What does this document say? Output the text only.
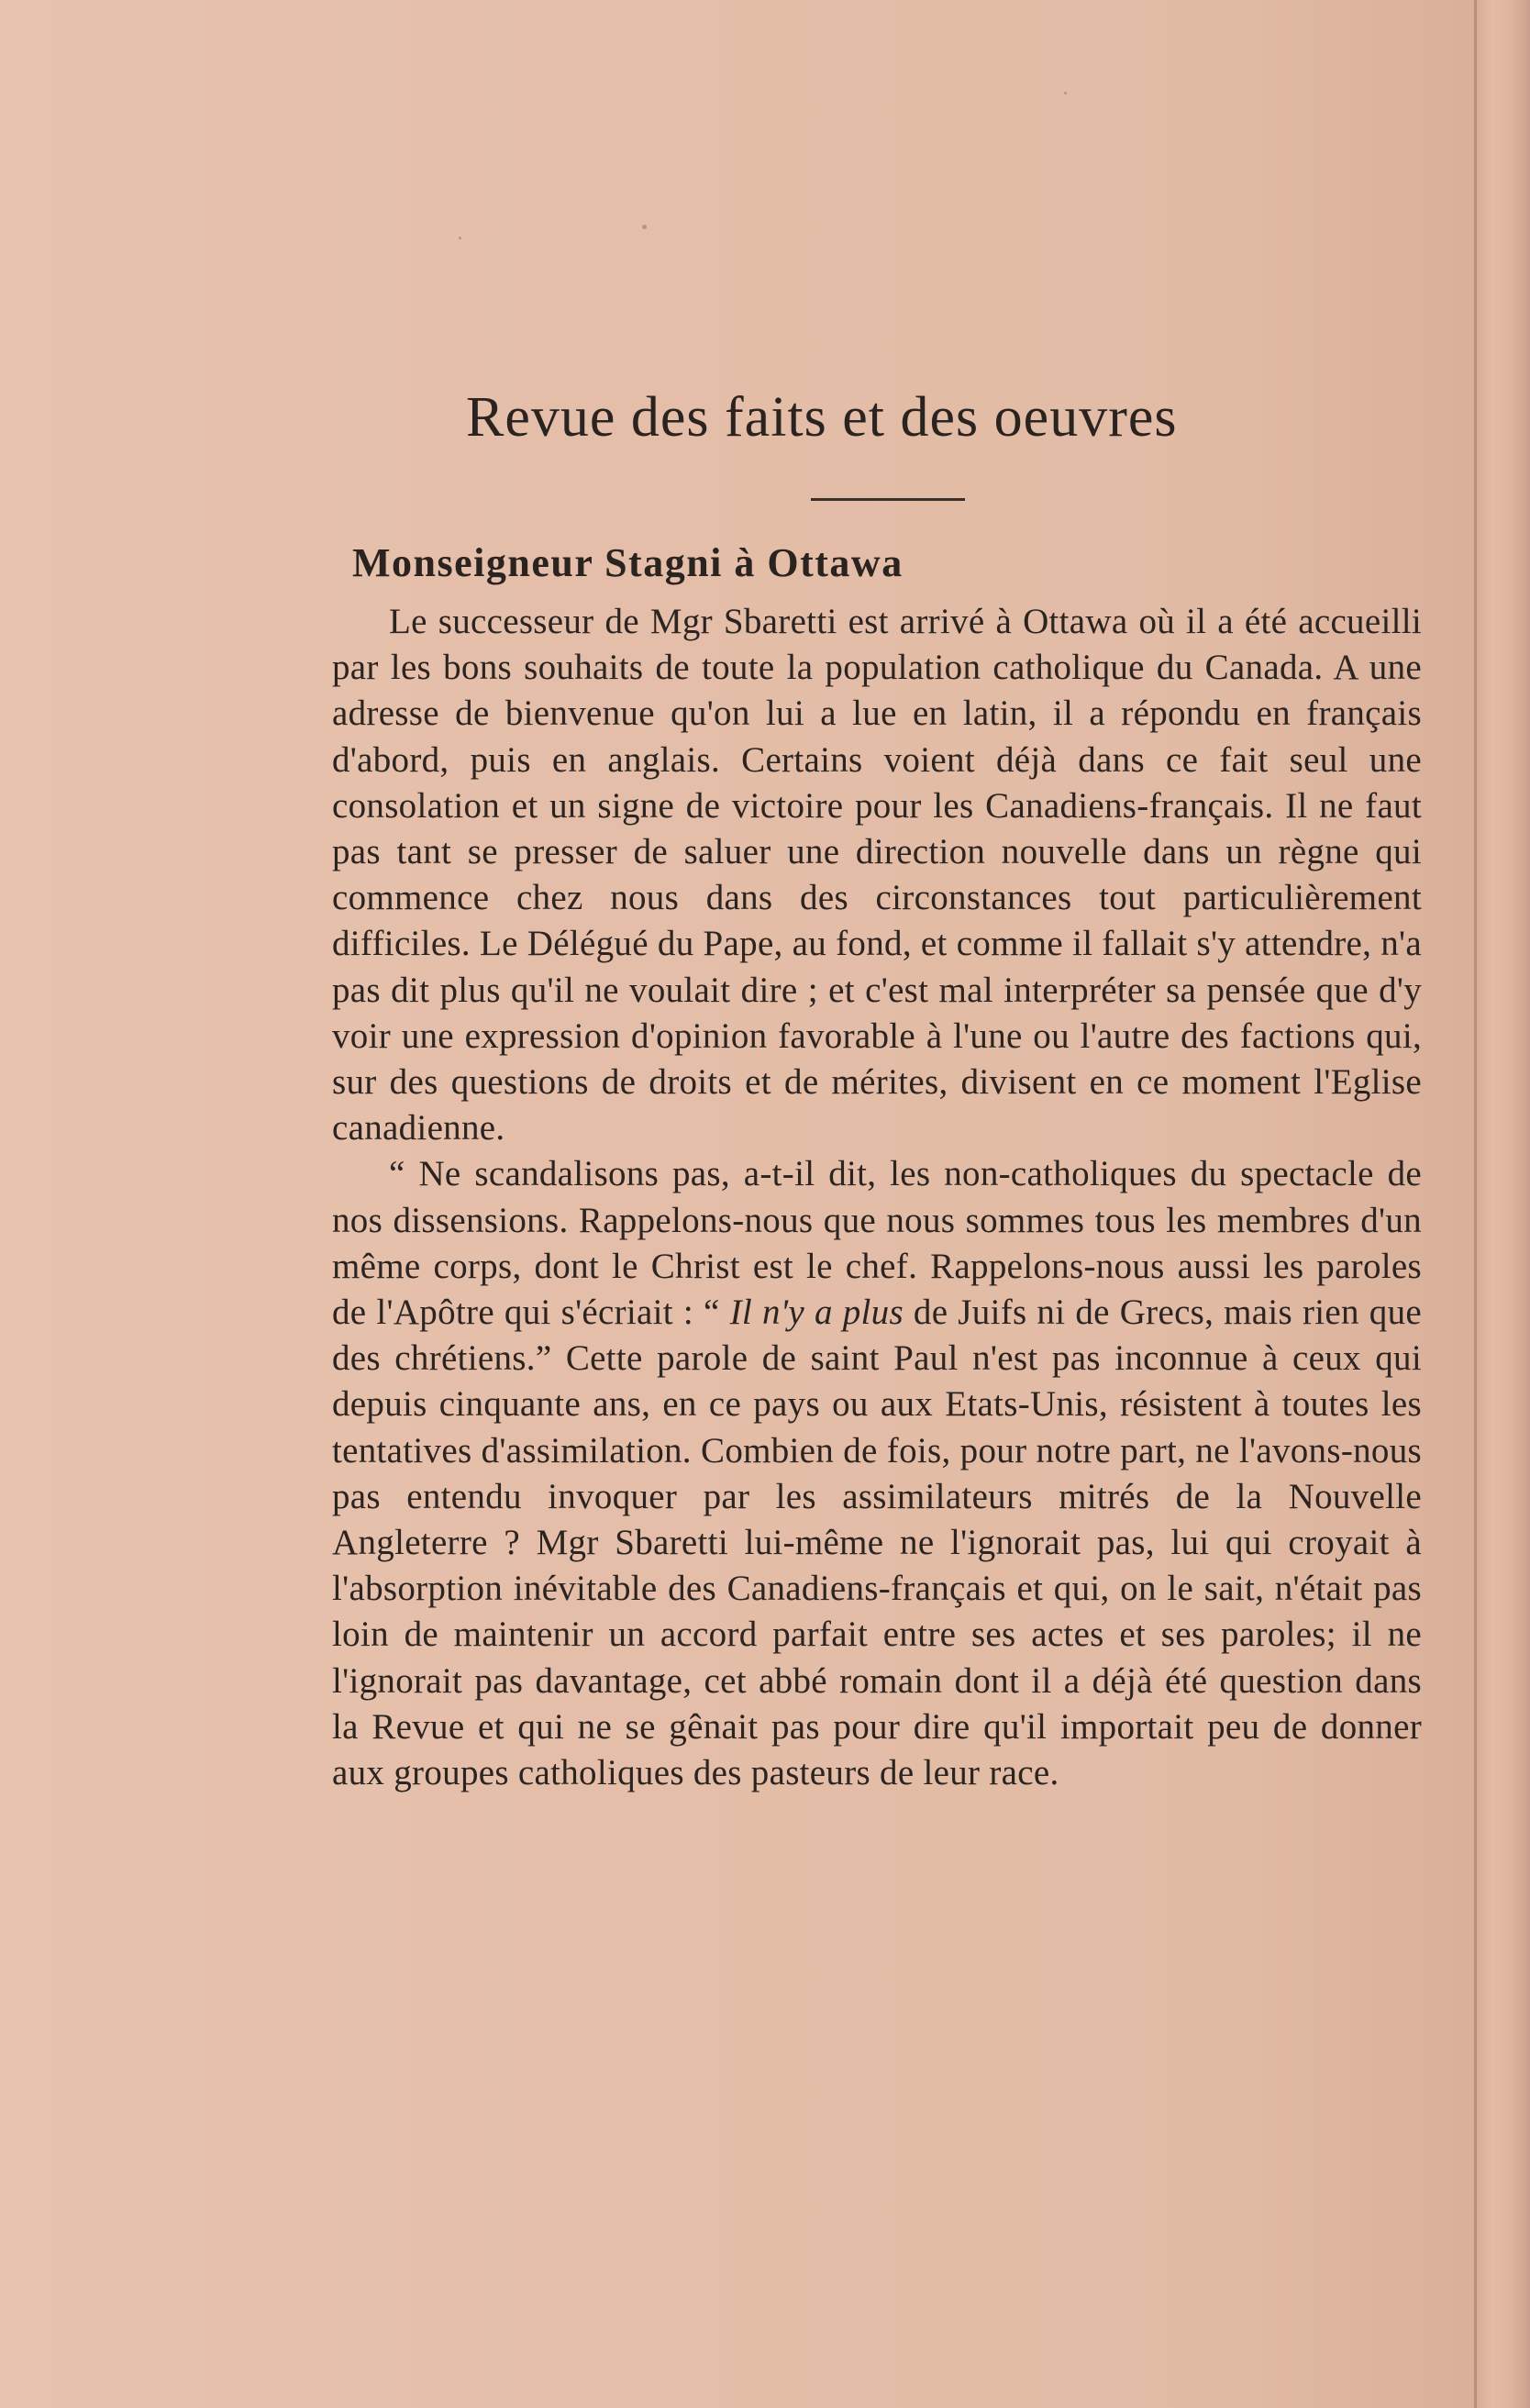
Revue des faits et des oeuvres
Monseigneur Stagni à Ottawa

Le successeur de Mgr Sbaretti est arrivé à Ottawa où il a été accueilli par les bons souhaits de toute la population catholique du Canada. A une adresse de bienvenue qu'on lui a lue en latin, il a répondu en français d'abord, puis en anglais. Certains voient déjà dans ce fait seul une consolation et un signe de victoire pour les Canadiens-français. Il ne faut pas tant se presser de saluer une direction nouvelle dans un règne qui commence chez nous dans des circonstances tout particulièrement difficiles. Le Délégué du Pape, au fond, et comme il fallait s'y attendre, n'a pas dit plus qu'il ne voulait dire ; et c'est mal interpréter sa pensée que d'y voir une expression d'opinion favorable à l'une ou l'autre des factions qui, sur des questions de droits et de mérites, divisent en ce moment l'Eglise canadienne.

“ Ne scandalisons pas, a-t-il dit, les non-catholiques du spectacle de nos dissensions. Rappelons-nous que nous sommes tous les membres d'un même corps, dont le Christ est le chef. Rappelons-nous aussi les paroles de l'Apôtre qui s'écriait : “ Il n'y a plus de Juifs ni de Grecs, mais rien que des chrétiens.” Cette parole de saint Paul n'est pas inconnue à ceux qui depuis cinquante ans, en ce pays ou aux Etats-Unis, résistent à toutes les tentatives d'assimilation. Combien de fois, pour notre part, ne l'avons-nous pas entendu invoquer par les assimilateurs mitrés de la Nouvelle Angleterre ? Mgr Sbaretti lui-même ne l'ignorait pas, lui qui croyait à l'absorption inévitable des Canadiens-français et qui, on le sait, n'était pas loin de maintenir un accord parfait entre ses actes et ses paroles; il ne l'ignorait pas davantage, cet abbé romain dont il a déjà été question dans la Revue et qui ne se gênait pas pour dire qu'il importait peu de donner aux groupes catholiques des pasteurs de leur race.
